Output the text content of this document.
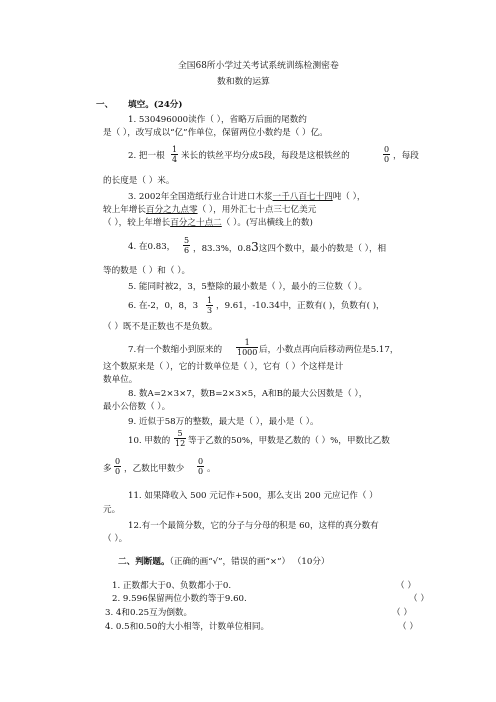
全国68所小学过关考试系统训练检测密卷
数和数的运算
一、 填空。(24分)
1. 530496000读作（ ），省略万后面的尾数约
是（ ），改写成以“亿”作单位，保留两位小数约是（ ）亿。
2. 把一根
1
4 米长的铁丝平均分成5段，每段是这根铁丝的
0
0 ，每段
的长度是（ ）米。
3. 2002年全国造纸行业合计进口木浆一千八百七十四吨（ ），
较上年增长百分之九点零（ ），用外汇七十点三七亿美元
（ ），较上年增长百分之十点二（ ）。(写出横线上的数)
4. 在0.83，
5
6 ，83.3%，0.83这四个数中，最小的数是（ ），相
等的数是（ ）和（ ）。
5. 能同时被2，3，5整除的最小数是（ ），最小的三位数（ ）。
6. 在-2，0，8，3
1
3 ，9.61，-10.34中，正数有( )，负数有( )，
（ ）既不是正数也不是负数。
7.有一个数缩小到原来的
1
1000 后，小数点再向后移动两位是5.17，
这个数原来是（ ），它的计数单位是（ ），它有（ ）个这样是计
数单位。
8. 数A=2×3×7，数B=2×3×5，A和B的最大公因数是（ ），
最小公倍数（ ）。
9. 近似于58万的整数，最大是（ ），最小是（ ）。
10. 甲数的
5
12 等于乙数的50%，甲数是乙数的（ ）%，甲数比乙数
多
0
0 ，乙数比甲数少
0
0 。
11. 如果降收入 500 元记作+500，那么支出 200 元应记作（ ）
元。
12.有一个最简分数，它的分子与分母的积是 60，这样的真分数有
（ ）。
二、判断题。（正确的画“√”，错误的画“×”） （10分）
1. 正数都大于0、负数都小于0.	（ ）
2. 9.596保留两位小数约等于9.60.	（ ）
3. 4和0.25互为倒数。	（ ）
4. 0.5和0.50的大小相等，计数单位相同。	（ ）
